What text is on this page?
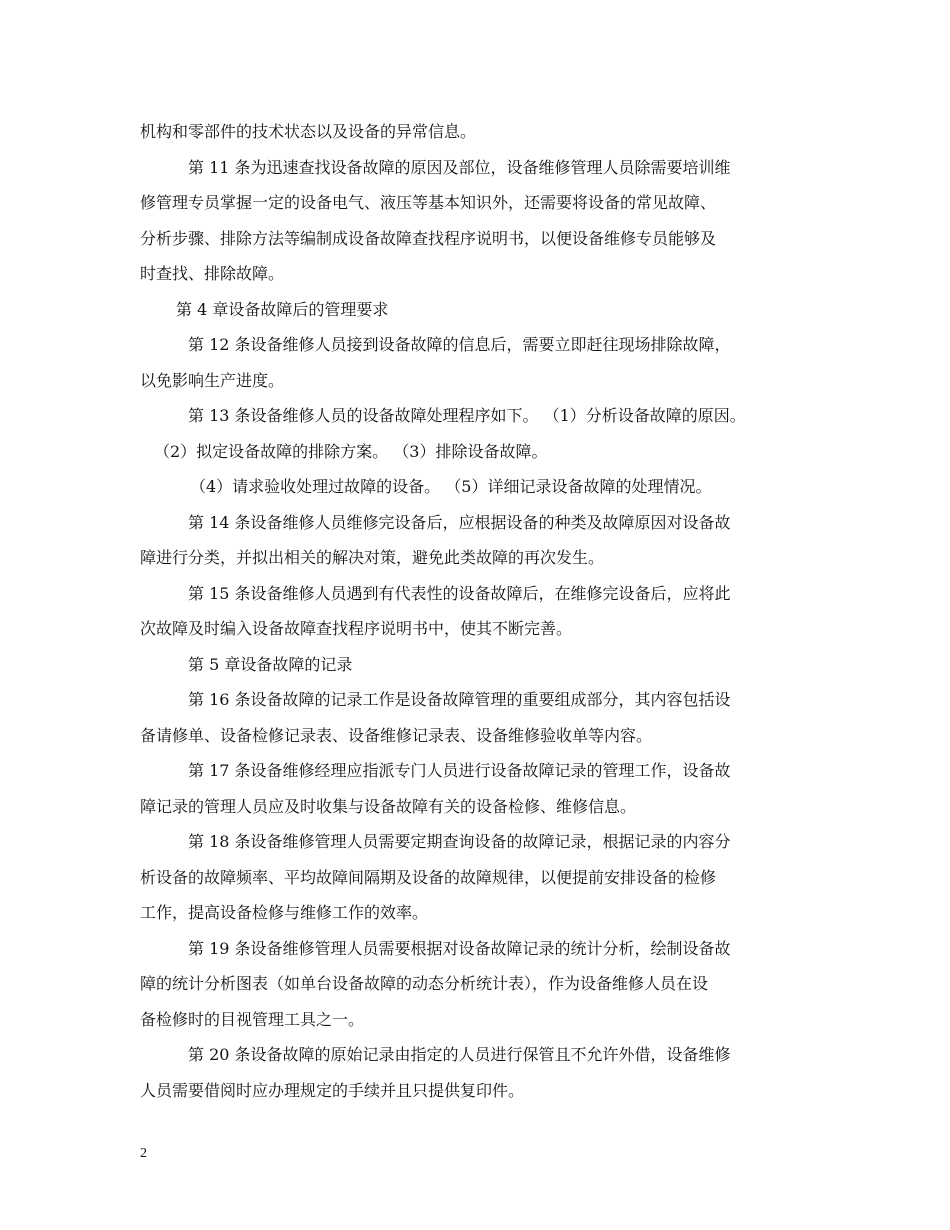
机构和零部件的技术状态以及设备的异常信息。
第 11 条为迅速查找设备故障的原因及部位，设备维修管理人员除需要培训维
修管理专员掌握一定的设备电气、液压等基本知识外，还需要将设备的常见故障、
分析步骤、排除方法等编制成设备故障查找程序说明书，以便设备维修专员能够及
时查找、排除故障。
第 4 章设备故障后的管理要求
第 12 条设备维修人员接到设备故障的信息后，需要立即赶往现场排除故障，
以免影响生产进度。
第 13 条设备维修人员的设备故障处理程序如下。 （1）分析设备故障的原因。
（2）拟定设备故障的排除方案。 （3）排除设备故障。
（4）请求验收处理过故障的设备。 （5）详细记录设备故障的处理情况。
第 14 条设备维修人员维修完设备后，应根据设备的种类及故障原因对设备故
障进行分类，并拟出相关的解决对策，避免此类故障的再次发生。
第 15 条设备维修人员遇到有代表性的设备故障后，在维修完设备后，应将此
次故障及时编入设备故障查找程序说明书中，使其不断完善。
第 5 章设备故障的记录
第 16 条设备故障的记录工作是设备故障管理的重要组成部分，其内容包括设
备请修单、设备检修记录表、设备维修记录表、设备维修验收单等内容。
第 17 条设备维修经理应指派专门人员进行设备故障记录的管理工作，设备故
障记录的管理人员应及时收集与设备故障有关的设备检修、维修信息。
第 18 条设备维修管理人员需要定期查询设备的故障记录，根据记录的内容分
析设备的故障频率、平均故障间隔期及设备的故障规律，以便提前安排设备的检修
工作，提高设备检修与维修工作的效率。
第 19 条设备维修管理人员需要根据对设备故障记录的统计分析，绘制设备故
障的统计分析图表（如单台设备故障的动态分析统计表），作为设备维修人员在设
备检修时的目视管理工具之一。
第 20 条设备故障的原始记录由指定的人员进行保管且不允许外借，设备维修
人员需要借阅时应办理规定的手续并且只提供复印件。
2
